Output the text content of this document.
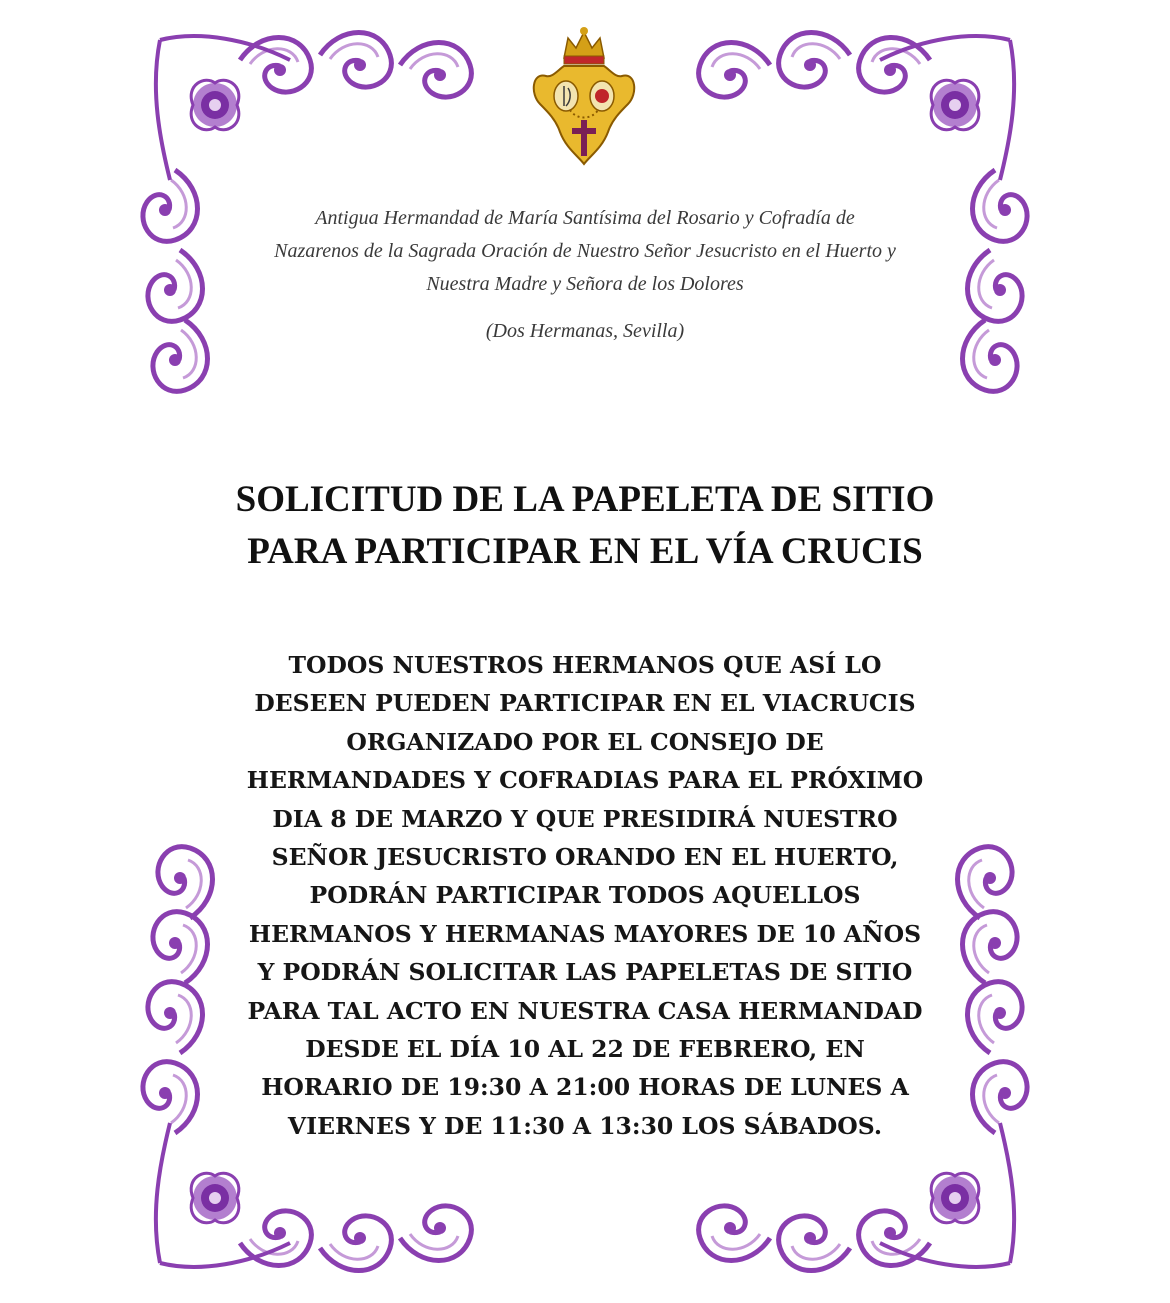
Antigua Hermandad de María Santísima del Rosario y Cofradía de
Nazarenos de la Sagrada Oración de Nuestro Señor Jesucristo en el Huerto y
Nuestra Madre y Señora de los Dolores
(Dos Hermanas, Sevilla)
SOLICITUD DE LA PAPELETA DE SITIO
PARA PARTICIPAR EN EL VÍA CRUCIS
TODOS NUESTROS HERMANOS QUE ASÍ LO
DESEEN PUEDEN PARTICIPAR EN EL VIACRUCIS
ORGANIZADO POR EL CONSEJO DE
HERMANDADES Y COFRADIAS PARA EL PRÓXIMO
DIA 8 DE MARZO Y QUE PRESIDIRÁ NUESTRO
SEÑOR JESUCRISTO ORANDO EN EL HUERTO,
PODRÁN PARTICIPAR TODOS AQUELLOS
HERMANOS Y HERMANAS MAYORES DE 10 AÑOS
Y PODRÁN SOLICITAR LAS PAPELETAS DE SITIO
PARA TAL ACTO EN NUESTRA CASA HERMANDAD
DESDE EL DÍA 10 AL 22 DE FEBRERO, EN
HORARIO DE 19:30 A 21:00 HORAS DE LUNES A
VIERNES Y DE 11:30 A 13:30 LOS SÁBADOS.
